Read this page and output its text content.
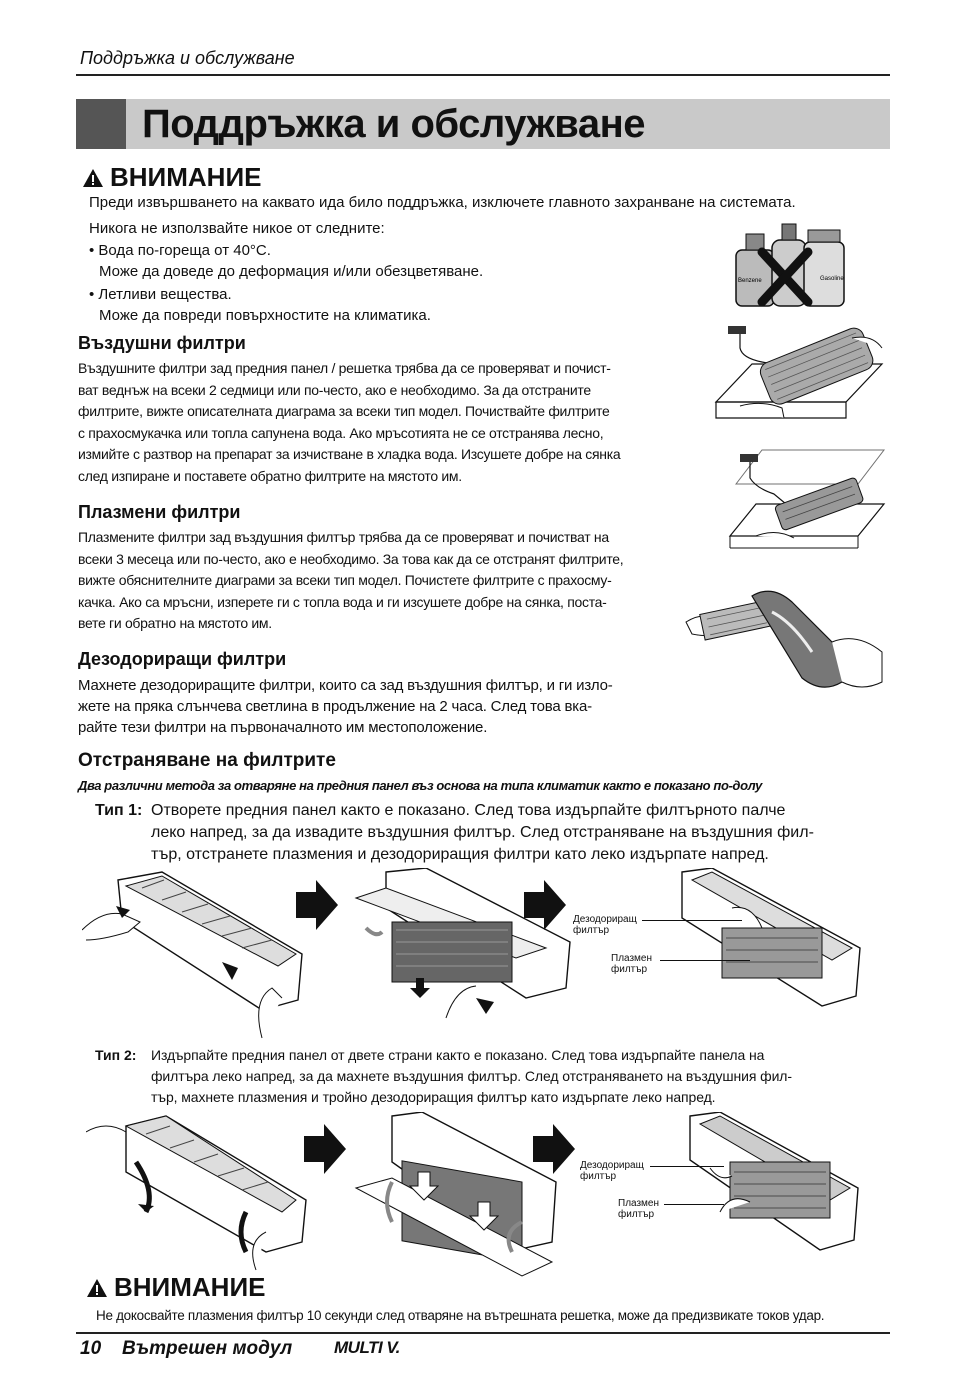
Поддръжка и обслужване
Поддръжка и обслужване
ВНИМАНИЕ
Преди извършването на каквато ида било поддръжка, изключете главното захранване на системата.
Никога не използвайте никое от следните:
• Вода по-гореща от 40°C.
Може да доведе до деформация и/или обезцветяване.
• Летливи вещества.
Може да повреди повърхностите на климатика.
Benzene	Gasoline
Въздушни филтри
Въздушните филтри зад предния панел / решетка трябва да се проверяват и почист-
ват веднъж на всеки 2 седмици или по-често, ако е необходимо. За да отстраните
филтрите, вижте описателната диаграма за всеки тип модел. Почиствайте филтрите
с прахосмукачка или топла сапунена вода. Ако мръсотията не се отстранява лесно,
измийте с разтвор на препарат за изчистване в хладка вода. Изсушете добре на сянка
след изпиране и поставете обратно филтрите на мястото им.
Плазмени филтри
Плазмените филтри зад въздушния филтър трябва да се проверяват и почистват на
всеки 3 месеца или по-често, ако е необходимо. За това как да се отстранят филтрите,
вижте обяснителните диаграми за всеки тип модел. Почистете филтрите с прахосму-
качка. Ако са мръсни, изперете ги с топла вода и ги изсушете добре на сянка, поста-
вете ги обратно на мястото им.
Дезодориращи филтри
Махнете дезодориращите филтри, които са зад въздушния филтър, и ги изло-
жете на пряка слънчева светлина в продължение на 2 часа. След това вка-
райте тези филтри на първоначалното им местоположение.
Отстраняване на филтрите
Два различни метода за отваряне на предния панел въз основа на типа климатик както е показано по-долу
Тип 1: Отворете предния панел както е показано. След това издърпайте филтърното палче
леко напред, за да извадите въздушния филтър. След отстраняване на въздушния фил-
тър, отстранете плазмения и дезодориращия филтри като леко издърпате напред.
Дезодориращ
филтър
Плазмен
филтър
Тип 2: Издърпайте предния панел от двете страни както е показано. След това издърпайте панела на
филтъра леко напред, за да махнете въздушния филтър. След отстраняването на въздушния фил-
тър, махнете плазмения и тройно дезодориращия филтър като издърпате леко напред.
Дезодориращ
филтър
Плазмен
филтър
ВНИМАНИЕ
Не докосвайте плазмения филтър 10 секунди след отваряне на вътрешната решетка, може да предизвикате токов удар.
10 Вътрешен модул MULTI V.
